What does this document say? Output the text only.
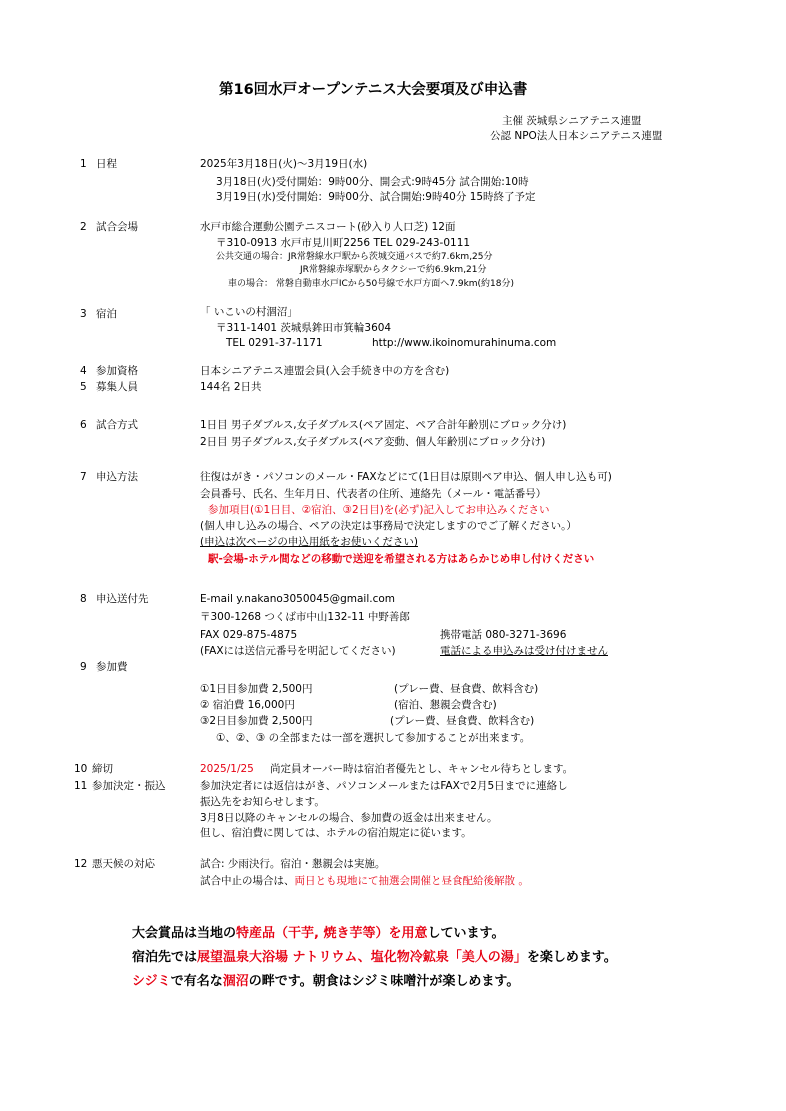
第16回水戸オープンテニス大会要項及び申込書
主催 茨城県シニアテニス連盟
公認 NPO法人日本シニアテニス連盟
1 日程	2025年3月18日(火)～3月19日(水)
3月18日(火)受付開始：9時00分、開会式:9時45分 試合開始:10時
3月19日(水)受付開始：9時00分、試合開始:9時40分 15時終了予定
2 試合会場	水戸市総合運動公園テニスコート(砂入り人口芝) 12面
〒310-0913 水戸市見川町2256 TEL 029-243-0111
公共交通の場合：JR常磐線水戸駅から茨城交通バスで約7.6km,25分
JR常磐線赤塚駅からタクシーで約6.9km,21分
車の場合： 常磐自動車水戸ICから50号線で水戸方面へ7.9km(約18分)
3 宿泊	「 いこいの村涸沼」
〒311-1401 茨城県鉾田市箕輪3604
TEL 0291-37-1171	http://www.ikoinomurahinuma.com
4 参加資格	日本シニアテニス連盟会員(入会手続き中の方を含む)
5 募集人員	144名 2日共
6 試合方式	1日目 男子ダブルス,女子ダブルス(ペア固定、ペア合計年齢別にブロック分け)
2日目 男子ダブルス,女子ダブルス(ペア変動、個人年齢別にブロック分け)
7 申込方法	往復はがき・パソコンのメール・FAXなどにて(1日目は原則ペア申込、個人申し込も可)
会員番号、氏名、生年月日、代表者の住所、連絡先（メール・電話番号）
参加項目(①1日目、②宿泊、③2日目)を(必ず)記入してお申込みください
(個人申し込みの場合、ペアの決定は事務局で決定しますのでご了解ください。）
(申込は次ページの申込用紙をお使いください)
駅-会場-ホテル間などの移動で送迎を希望される方はあらかじめ申し付けください
8 申込送付先	E-mail y.nakano3050045@gmail.com
〒300-1268 つくば市中山132-11 中野善郎
FAX 029-875-4875	携帯電話 080-3271-3696
(FAXには送信元番号を明記してください)	電話による申込みは受け付けません
9 参加費
①1日目参加費 2,500円	(プレー費、昼食費、飲料含む)
② 宿泊費 16,000円	(宿泊、懇親会費含む)
③2日目参加費 2,500円	(プレー費、昼食費、飲料含む)
①、②、③ の全部または一部を選択して参加することが出来ます。
10 締切	2025/1/25 尚定員オーバー時は宿泊者優先とし、キャンセル待ちとします。
11 参加決定・振込	参加決定者には返信はがき、パソコンメールまたはFAXで2月5日までに連絡し
振込先をお知らせします。
3月8日以降のキャンセルの場合、参加費の返金は出来ません。
但し、宿泊費に関しては、ホテルの宿泊規定に従います。
12 悪天候の対応	試合: 少雨決行。宿泊・懇親会は実施。
試合中止の場合は、両日とも現地にて抽選会開催と昼食配給後解散 。
大会賞品は当地の特産品（干芋, 焼き芋等）を用意しています。
宿泊先では展望温泉大浴場 ナトリウム、塩化物冷鉱泉「美人の湯」を楽しめます。
シジミで有名な涸沼の畔です。朝食はシジミ味噌汁が楽しめます。
